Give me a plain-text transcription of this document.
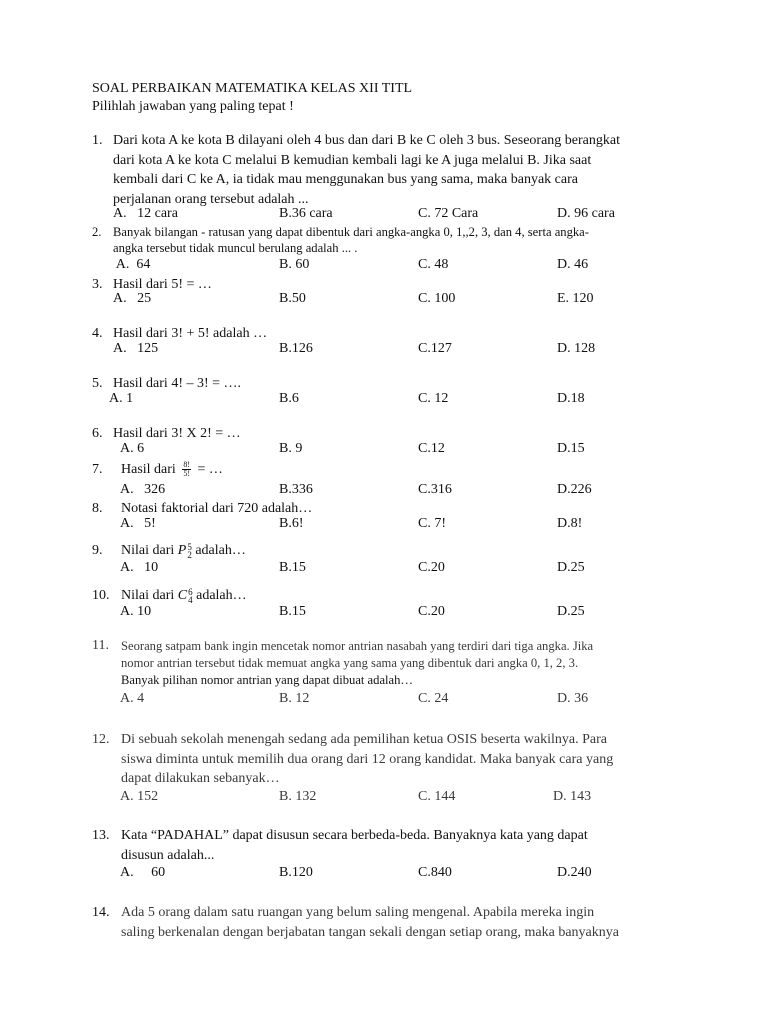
SOAL PERBAIKAN MATEMATIKA KELAS XII TITL
Pilihlah jawaban yang paling tepat !
1. Dari kota A ke kota B dilayani oleh 4 bus dan dari B ke C oleh 3 bus. Seseorang berangkat
dari kota A ke kota C melalui B kemudian kembali lagi ke A juga melalui B. Jika saat
kembali dari C ke A, ia tidak mau menggunakan bus yang sama, maka banyak cara
perjalanan orang tersebut adalah ...
A.   12 cara	B.36 cara	C. 72 Cara	D. 96 cara
2. Banyak bilangan - ratusan yang dapat dibentuk dari angka-angka 0, 1,,2, 3, dan 4, serta angka-
angka tersebut tidak muncul berulang adalah ... .
A.  64	B. 60	C. 48	D. 46
3. Hasil dari 5! = …
A.   25	B.50	C. 100	E. 120
4. Hasil dari 3! + 5! adalah …
A.   125	B.126	C.127	D. 128
5. Hasil dari 4! – 3! = ….
A. 1	B.6	C. 12	D.18
6. Hasil dari 3! X 2! = …
A. 6	B. 9	C.12	D.15
7.	Hasil dari $\frac{8!}{5!}$ = …
A.   326	B.336	C.316	D.226
8.	Notasi faktorial dari 720 adalah…
A.   5!	B.6!	C. 7!	D.8!
9.	Nilai dari P 5
2 adalah…
A.   10	B.15	C.20	D.25
10. Nilai dari C 6
4 adalah…
A. 10	B.15	C.20	D.25
11. Seorang satpam bank ingin mencetak nomor antrian nasabah yang terdiri dari tiga angka. Jika
nomor antrian tersebut tidak memuat angka yang sama yang dibentuk dari angka 0, 1, 2, 3.
Banyak pilihan nomor antrian yang dapat dibuat adalah…
A. 4	B. 12	C. 24	D. 36
12. Di sebuah sekolah menengah sedang ada pemilihan ketua OSIS beserta wakilnya. Para
siswa diminta untuk memilih dua orang dari 12 orang kandidat. Maka banyak cara yang
dapat dilakukan sebanyak…
A. 152	B. 132	C. 144	D. 143
13. Kata “PADAHAL” dapat disusun secara berbeda-beda. Banyaknya kata yang dapat
disusun adalah...
A.     60	B.120	C.840	D.240
14. Ada 5 orang dalam satu ruangan yang belum saling mengenal. Apabila mereka ingin
saling berkenalan dengan berjabatan tangan sekali dengan setiap orang, maka banyaknya
